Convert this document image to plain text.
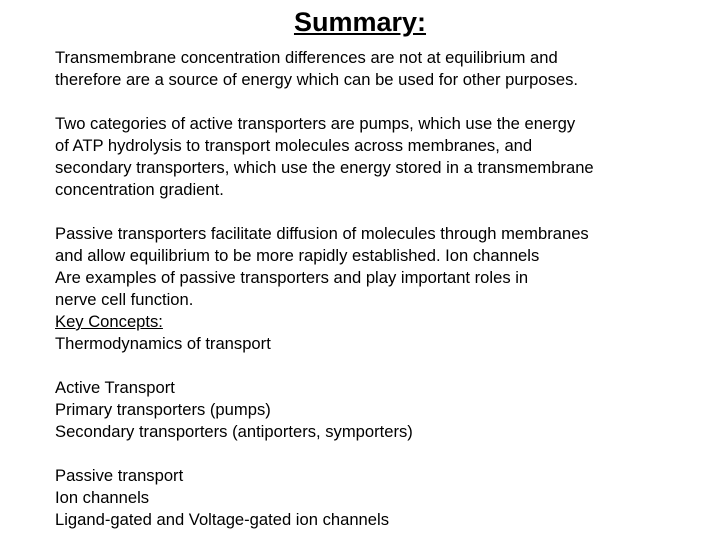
Summary:
Transmembrane concentration differences are not at equilibrium and
therefore are a source of energy which can be used for other purposes.
Two categories of active transporters are pumps, which use the energy
of ATP hydrolysis to transport molecules across membranes, and
secondary transporters, which use the energy stored in a transmembrane
concentration gradient.
Passive transporters facilitate diffusion of molecules through membranes
and allow equilibrium to be more rapidly established. Ion channels
Are examples of passive transporters and play important roles in
nerve cell function.
Key Concepts:
Thermodynamics of transport
Active Transport
Primary transporters (pumps)
Secondary transporters (antiporters, symporters)
Passive transport
Ion channels
Ligand-gated and Voltage-gated ion channels
